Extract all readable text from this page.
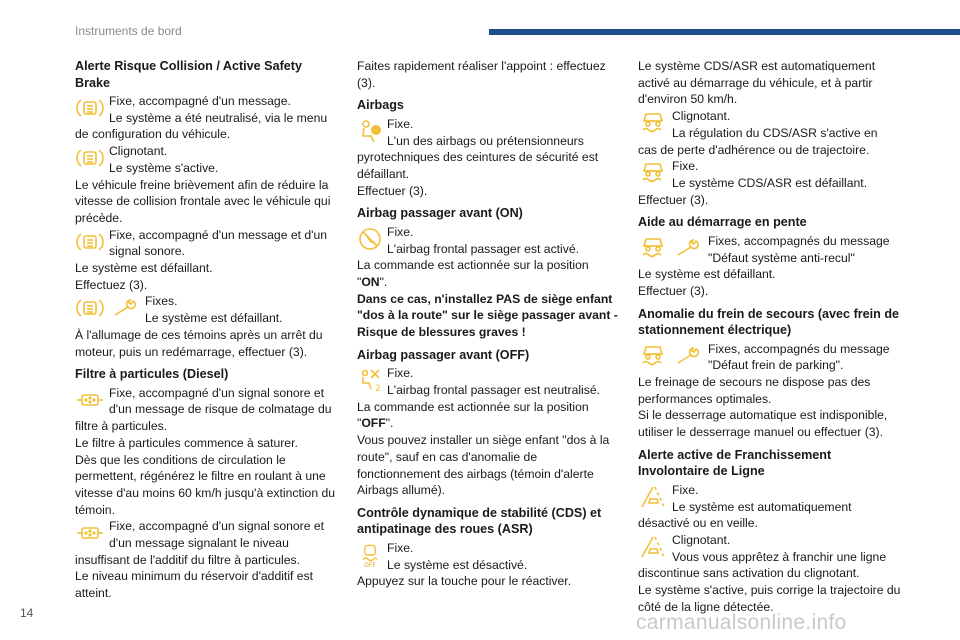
Instruments de bord
Alerte Risque Collision / Active Safety Brake
Fixe, accompagné d'un message.
Le système a été neutralisé, via le menu
de configuration du véhicule.
Clignotant.
Le système s'active.
Le véhicule freine brièvement afin de réduire la vitesse de collision frontale avec le véhicule qui précède.
Fixe, accompagné d'un message et d'un signal sonore.
Le système est défaillant.
Effectuez (3).
Fixes.
Le système est défaillant.
À l'allumage de ces témoins après un arrêt du moteur, puis un redémarrage, effectuer (3).
Filtre à particules (Diesel)
Fixe, accompagné d'un signal sonore et d'un message de risque de colmatage du
filtre à particules.
Le filtre à particules commence à saturer.
Dès que les conditions de circulation le permettent, régénérez le filtre en roulant à une vitesse d'au moins 60 km/h jusqu'à extinction du témoin.
Fixe, accompagné d'un signal sonore et d'un message signalant le niveau
insuffisant de l'additif du filtre à particules.
Le niveau minimum du réservoir d'additif est atteint.
Faites rapidement réaliser l'appoint : effectuez (3).
Airbags
Fixe.
L'un des airbags ou prétensionneurs
pyrotechniques des ceintures de sécurité est défaillant.
Effectuer (3).
Airbag passager avant (ON)
Fixe.
L'airbag frontal passager est activé.
La commande est actionnée sur la position
"ON".
Dans ce cas, n'installez PAS de siège enfant "dos à la route" sur le siège passager avant - Risque de blessures graves !
Airbag passager avant (OFF)
2
Fixe.
L'airbag frontal passager est neutralisé.
La commande est actionnée sur la position
"OFF".
Vous pouvez installer un siège enfant "dos à la route", sauf en cas d'anomalie de fonctionnement des airbags (témoin d'alerte Airbags allumé).
Contrôle dynamique de stabilité (CDS) et antipatinage des roues (ASR)
OFF
Fixe.
Le système est désactivé.
Appuyez sur la touche pour le réactiver.
Le système CDS/ASR est automatiquement activé au démarrage du véhicule, et à partir d'environ 50 km/h.
Clignotant.
La régulation du CDS/ASR s'active en
cas de perte d'adhérence ou de trajectoire.
Fixe.
Le système CDS/ASR est défaillant.
Effectuer (3).
Aide au démarrage en pente
Fixes, accompagnés du message "Défaut système anti-recul"
Le système est défaillant.
Effectuer (3).
Anomalie du frein de secours (avec frein de stationnement électrique)
Fixes, accompagnés du message "Défaut frein de parking".
Le freinage de secours ne dispose pas des performances optimales.
Si le desserrage automatique est indisponible, utiliser le desserrage manuel ou effectuer (3).
Alerte active de Franchissement Involontaire de Ligne
Fixe.
Le système est automatiquement
désactivé ou en veille.
Clignotant.
Vous vous apprêtez à franchir une ligne
discontinue sans activation du clignotant.
Le système s'active, puis corrige la trajectoire du côté de la ligne détectée.
14	carmanualsonline.info
